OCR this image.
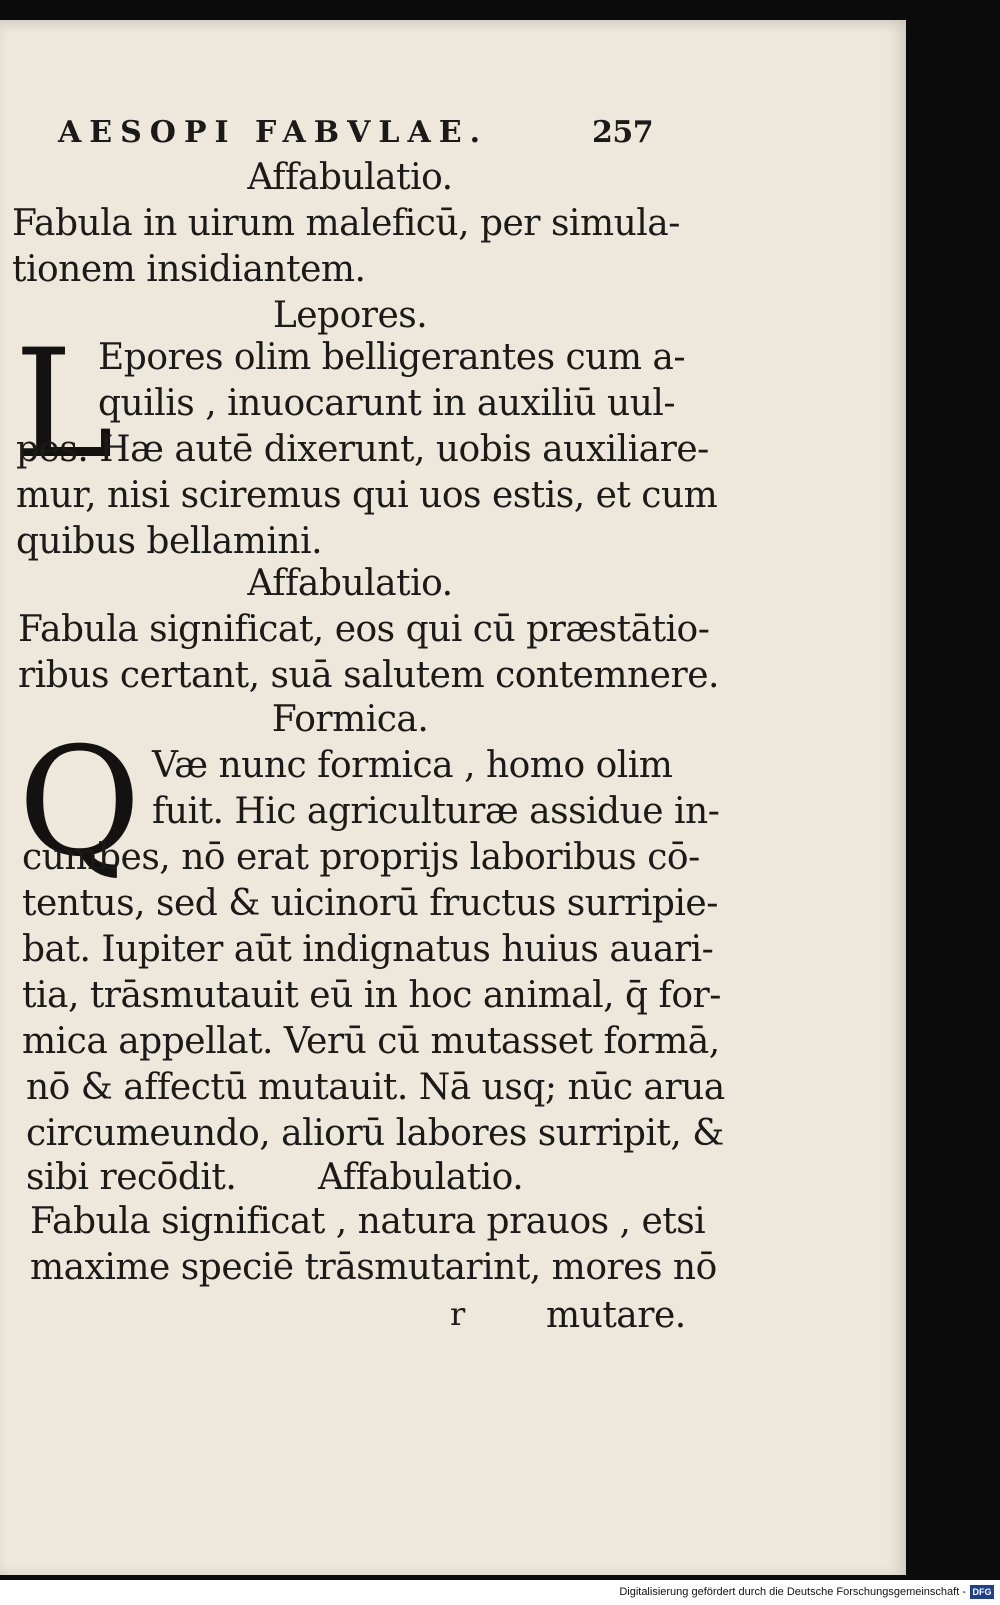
AESOPI FABVLAE.	257
Affabulatio.
Fabula in uirum maleficū, per simula-
tionem insidiantem.
Lepores.
L
Epores olim belligerantes cum a-
quilis , inuocarunt in auxiliū uul-
pes. Hæ autē dixerunt, uobis auxiliare-
mur, nisi sciremus qui uos estis, et cum
quibus bellamini.
Affabulatio.
Fabula significat, eos qui cū præstātio-
ribus certant, suā salutem contemnere.
Formica.
Q Væ nunc formica , homo olim
fuit. Hic agriculturæ assidue in-
cumbes, nō erat proprijs laboribus cō-
tentus, sed & uicinorū fructus surripie-
bat. Iupiter aūt indignatus huius auari-
tia, trāsmutauit eū in hoc animal, q̄ for-
mica appellat. Verū cū mutasset formā,
nō & affectū mutauit. Nā usq; nūc arua
circumeundo, aliorū labores surripit, &
sibi recōdit. Affabulatio.
Fabula significat , natura prauos , etsi
maxime speciē trāsmutarint, mores nō
r mutare.
Digitalisierung gefördert durch die Deutsche Forschungsgemeinschaft - DFG
